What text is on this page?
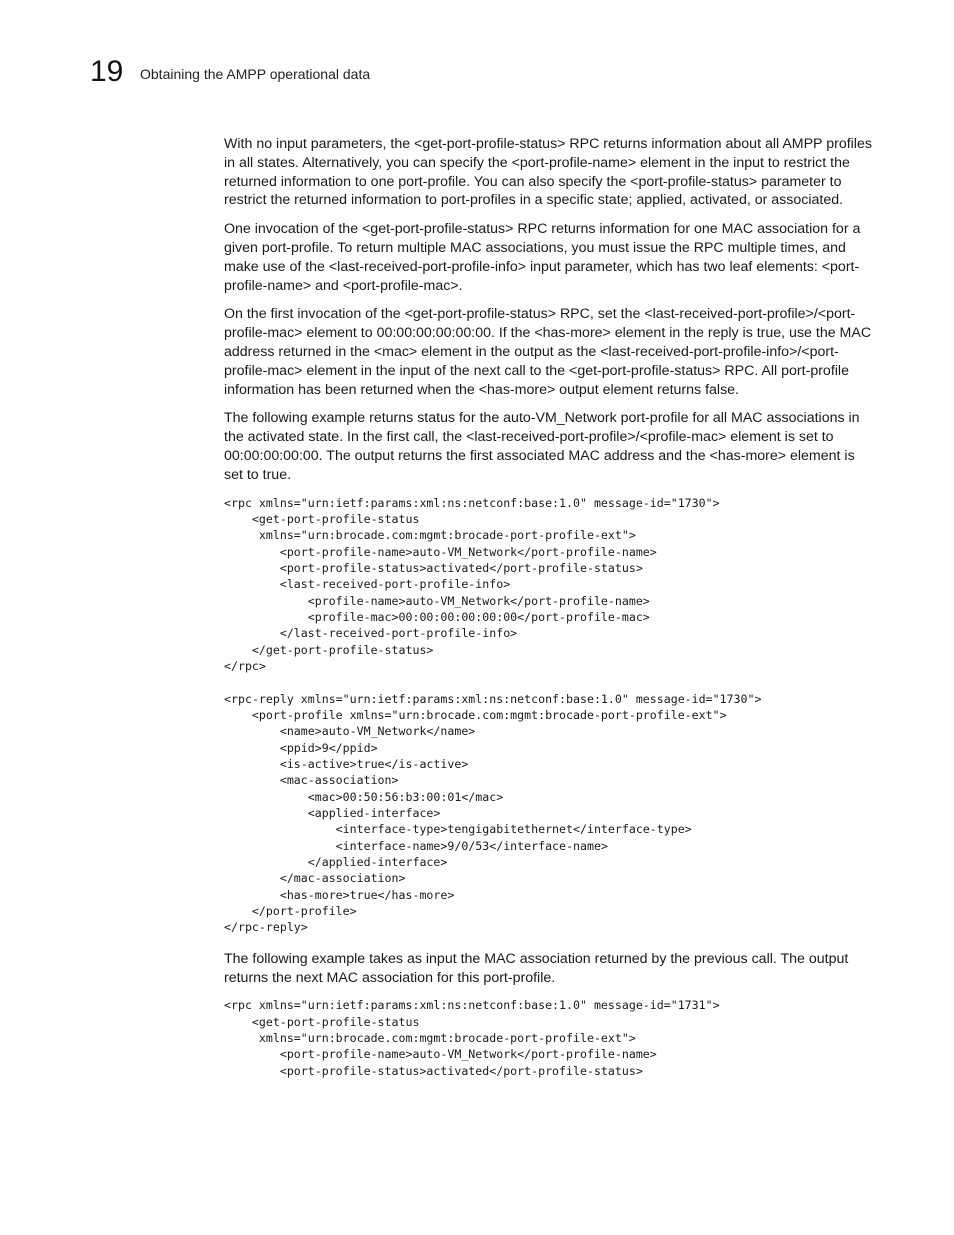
19 Obtaining the AMPP operational data

With no input parameters, the <get-port-profile-status> RPC returns information about all AMPP profiles in all states. Alternatively, you can specify the <port-profile-name> element in the input to restrict the returned information to one port-profile. You can also specify the <port-profile-status> parameter to restrict the returned information to port-profiles in a specific state; applied, activated, or associated.

One invocation of the <get-port-profile-status> RPC returns information for one MAC association for a given port-profile. To return multiple MAC associations, you must issue the RPC multiple times, and make use of the <last-received-port-profile-info> input parameter, which has two leaf elements: <port-profile-name> and <port-profile-mac>.

On the first invocation of the <get-port-profile-status> RPC, set the <last-received-port-profile>/<port-profile-mac> element to 00:00:00:00:00:00. If the <has-more> element in the reply is true, use the MAC address returned in the <mac> element in the output as the <last-received-port-profile-info>/<port-profile-mac> element in the input of the next call to the <get-port-profile-status> RPC. All port-profile information has been returned when the <has-more> output element returns false.

The following example returns status for the auto-VM_Network port-profile for all MAC associations in the activated state. In the first call, the <last-received-port-profile>/<profile-mac> element is set to 00:00:00:00:00. The output returns the first associated MAC address and the <has-more> element is set to true.

<rpc xmlns="urn:ietf:params:xml:ns:netconf:base:1.0" message-id="1730">
<get-port-profile-status
xmlns="urn:brocade.com:mgmt:brocade-port-profile-ext">
<port-profile-name>auto-VM_Network</port-profile-name>
<port-profile-status>activated</port-profile-status>
<last-received-port-profile-info>
<profile-name>auto-VM_Network</port-profile-name>
<profile-mac>00:00:00:00:00:00</port-profile-mac>
</last-received-port-profile-info>
</get-port-profile-status>
</rpc>
<rpc-reply xmlns="urn:ietf:params:xml:ns:netconf:base:1.0" message-id="1730">
<port-profile xmlns="urn:brocade.com:mgmt:brocade-port-profile-ext">
<name>auto-VM_Network</name>
<ppid>9</ppid>
<is-active>true</is-active>
<mac-association>
<mac>00:50:56:b3:00:01</mac>
<applied-interface>
<interface-type>tengigabitethernet</interface-type>
<interface-name>9/0/53</interface-name>
</applied-interface>
</mac-association>
<has-more>true</has-more>
</port-profile>
</rpc-reply>

The following example takes as input the MAC association returned by the previous call. The output returns the next MAC association for this port-profile.

<rpc xmlns="urn:ietf:params:xml:ns:netconf:base:1.0" message-id="1731">
<get-port-profile-status
xmlns="urn:brocade.com:mgmt:brocade-port-profile-ext">
<port-profile-name>auto-VM_Network</port-profile-name>
<port-profile-status>activated</port-profile-status>
